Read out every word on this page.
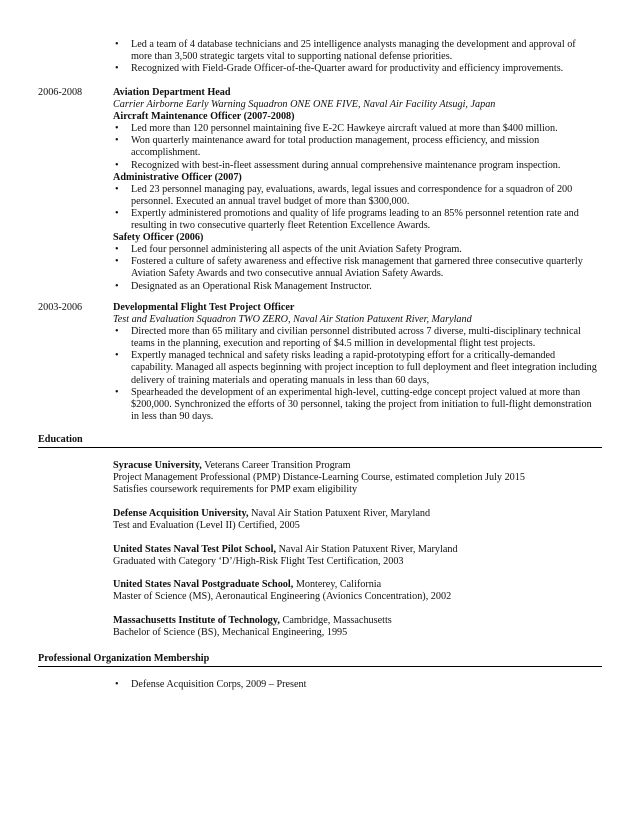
• Led a team of 4 database technicians and 25 intelligence analysts managing the development and approval of more than 3,500 strategic targets vital to supporting national defense priorities.
• Recognized with Field-Grade Officer-of-the-Quarter award for productivity and efficiency improvements.
2006-2008	Aviation Department Head
Carrier Airborne Early Warning Squadron ONE ONE FIVE, Naval Air Facility Atsugi, Japan
Aircraft Maintenance Officer (2007-2008)
• Led more than 120 personnel maintaining five E-2C Hawkeye aircraft valued at more than $400 million.
• Won quarterly maintenance award for total production management, process efficiency, and mission accomplishment.
• Recognized with best-in-fleet assessment during annual comprehensive maintenance program inspection.
Administrative Officer (2007)
• Led 23 personnel managing pay, evaluations, awards, legal issues and correspondence for a squadron of 200 personnel. Executed an annual travel budget of more than $300,000.
• Expertly administered promotions and quality of life programs leading to an 85% personnel retention rate and resulting in two consecutive quarterly fleet Retention Excellence Awards.
Safety Officer (2006)
• Led four personnel administering all aspects of the unit Aviation Safety Program.
• Fostered a culture of safety awareness and effective risk management that garnered three consecutive quarterly Aviation Safety Awards and two consecutive annual Aviation Safety Awards.
• Designated as an Operational Risk Management Instructor.
2003-2006	Developmental Flight Test Project Officer
Test and Evaluation Squadron TWO ZERO, Naval Air Station Patuxent River, Maryland
• Directed more than 65 military and civilian personnel distributed across 7 diverse, multi-disciplinary technical teams in the planning, execution and reporting of $4.5 million in developmental flight test projects.
• Expertly managed technical and safety risks leading a rapid-prototyping effort for a critically-demanded capability. Managed all aspects beginning with project inception to full deployment and fleet integration including delivery of training materials and operating manuals in less than 60 days,
• Spearheaded the development of an experimental high-level, cutting-edge concept project valued at more than $200,000. Synchronized the efforts of 30 personnel, taking the project from initiation to full-flight demonstration in less than 90 days.
Education
Syracuse University, Veterans Career Transition Program
Project Management Professional (PMP) Distance-Learning Course, estimated completion July 2015
Satisfies coursework requirements for PMP exam eligibility
Defense Acquisition University, Naval Air Station Patuxent River, Maryland
Test and Evaluation (Level II) Certified, 2005
United States Naval Test Pilot School, Naval Air Station Patuxent River, Maryland
Graduated with Category ‘D’/High-Risk Flight Test Certification, 2003
United States Naval Postgraduate School, Monterey, California
Master of Science (MS), Aeronautical Engineering (Avionics Concentration), 2002
Massachusetts Institute of Technology, Cambridge, Massachusetts
Bachelor of Science (BS), Mechanical Engineering, 1995
Professional Organization Membership
• Defense Acquisition Corps, 2009 – Present
